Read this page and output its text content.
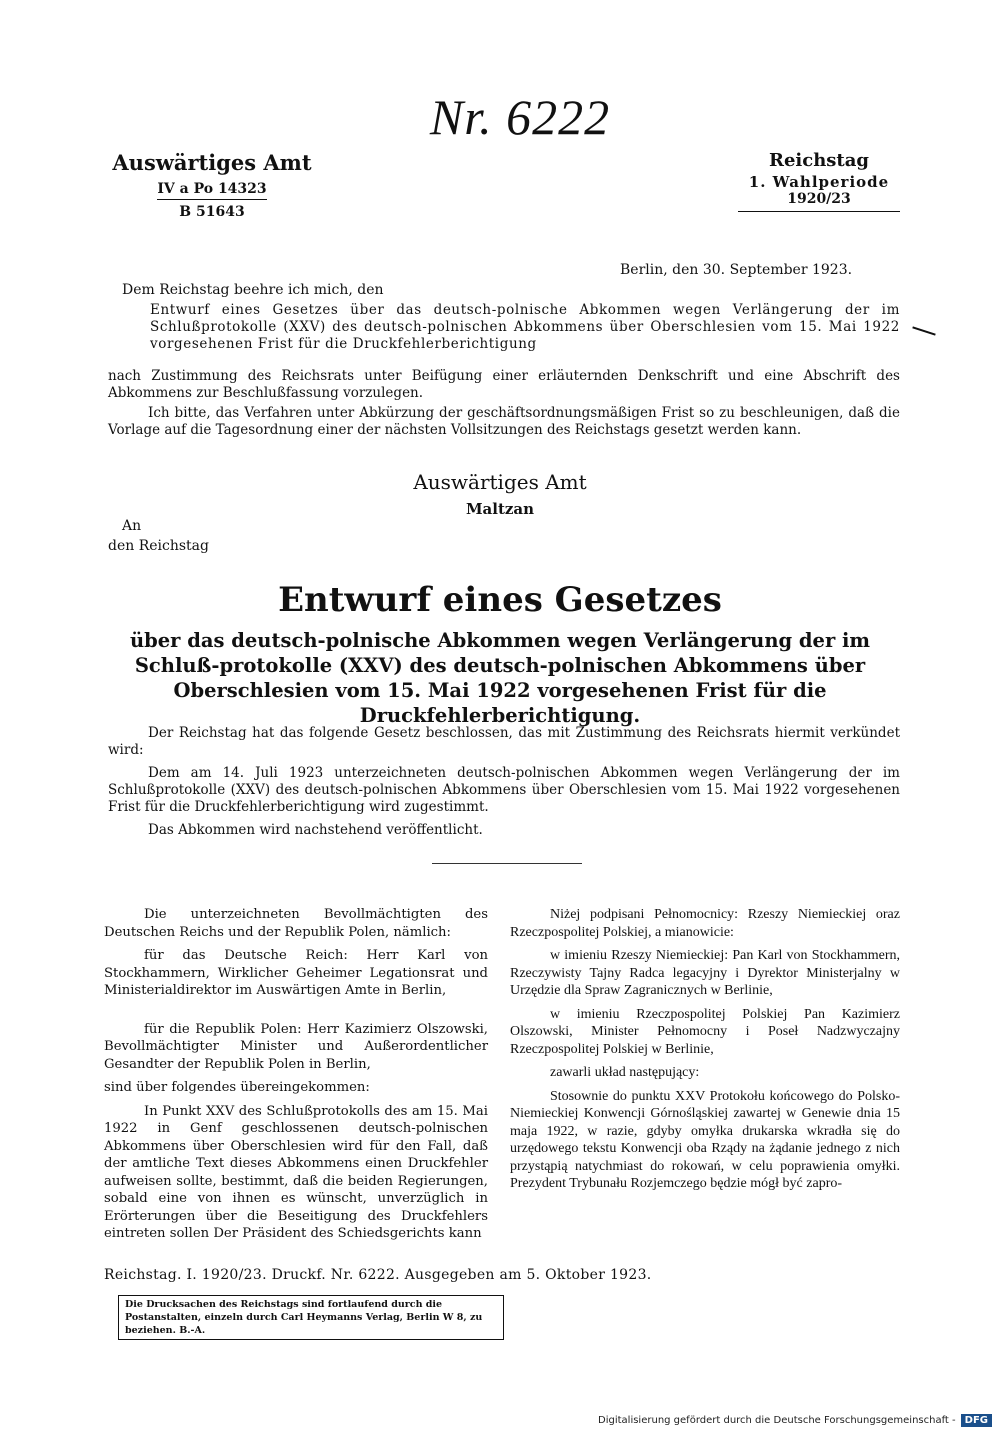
Nr. 6222
Auswärtiges Amt
IV a Po 14323
B 51643
Reichstag
1. Wahlperiode
1920/23
Berlin, den 30. September 1923.
Dem Reichstag beehre ich mich, den
Entwurf eines Gesetzes über das deutsch-polnische Abkommen wegen Verlängerung der im Schlußprotokolle (XXV) des deutsch-polnischen Abkommens über Oberschlesien vom 15. Mai 1922 vorgesehenen Frist für die Druckfehlerberichtigung
nach Zustimmung des Reichsrats unter Beifügung einer erläuternden Denkschrift und eine Abschrift des Abkommens zur Beschlußfassung vorzulegen.
Ich bitte, das Verfahren unter Abkürzung der geschäftsordnungsmäßigen Frist so zu beschleunigen, daß die Vorlage auf die Tagesordnung einer der nächsten Vollsitzungen des Reichstags gesetzt werden kann.
Auswärtiges Amt
Maltzan
An
den Reichstag
Entwurf eines Gesetzes
über das deutsch-polnische Abkommen wegen Verlängerung der im Schluß-protokolle (XXV) des deutsch-polnischen Abkommens über Oberschlesien vom 15. Mai 1922 vorgesehenen Frist für die Druckfehlerberichtigung.
Der Reichstag hat das folgende Gesetz beschlossen, das mit Zustimmung des Reichsrats hiermit verkündet wird:
Dem am 14. Juli 1923 unterzeichneten deutsch-polnischen Abkommen wegen Verlängerung der im Schlußprotokolle (XXV) des deutsch-polnischen Abkommens über Oberschlesien vom 15. Mai 1922 vorgesehenen Frist für die Druckfehlerberichtigung wird zugestimmt.
Das Abkommen wird nachstehend veröffentlicht.

Die unterzeichneten Bevollmächtigten des Deutschen Reichs und der Republik Polen, nämlich:

für das Deutsche Reich: Herr Karl von Stockhammern, Wirklicher Geheimer Legationsrat und Ministerialdirektor im Auswärtigen Amte in Berlin,

für die Republik Polen: Herr Kazimierz Olszowski, Bevollmächtigter Minister und Außerordentlicher Gesandter der Republik Polen in Berlin,

sind über folgendes übereingekommen:

In Punkt XXV des Schlußprotokolls des am 15. Mai 1922 in Genf geschlossenen deutsch-polnischen Abkommens über Oberschlesien wird für den Fall, daß der amtliche Text dieses Abkommens einen Druckfehler aufweisen sollte, bestimmt, daß die beiden Regierungen, sobald eine von ihnen es wünscht, unverzüglich in Erörterungen über die Beseitigung des Druckfehlers eintreten sollen Der Präsident des Schiedsgerichts kann

Niżej podpisani Pełnomocnicy: Rzeszy Niemieckiej oraz Rzeczpospolitej Polskiej, a mianowicie:

w imieniu Rzeszy Niemieckiej: Pan Karl von Stockhammern, Rzeczywisty Tajny Radca legacyjny i Dyrektor Ministerjalny w Urzędzie dla Spraw Zagranicznych w Berlinie,

w imieniu Rzeczpospolitej Polskiej Pan Kazimierz Olszowski, Minister Pełnomocny i Poseł Nadzwyczajny Rzeczpospolitej Polskiej w Berlinie,

zawarli układ następujący:

Stosownie do punktu XXV Protokołu końcowego do Polsko-Niemieckiej Konwencji Górnośląskiej zawartej w Genewie dnia 15 maja 1922, w razie, gdyby omyłka drukarska wkradła się do urzędowego tekstu Konwencji oba Rządy na żądanie jednego z nich przystąpią natychmiast do rokowań, w celu poprawienia omyłki. Prezydent Trybunału Rozjemczego będzie mógł być zapro-

Reichstag. I. 1920/23. Druckf. Nr. 6222. Ausgegeben am 5. Oktober 1923.
Die Drucksachen des Reichstags sind fortlaufend durch die Postanstalten, einzeln durch Carl Heymanns Verlag, Berlin W 8, zu beziehen. B.-A.
Digitalisierung gefördert durch die Deutsche Forschungsgemeinschaft - DFG
